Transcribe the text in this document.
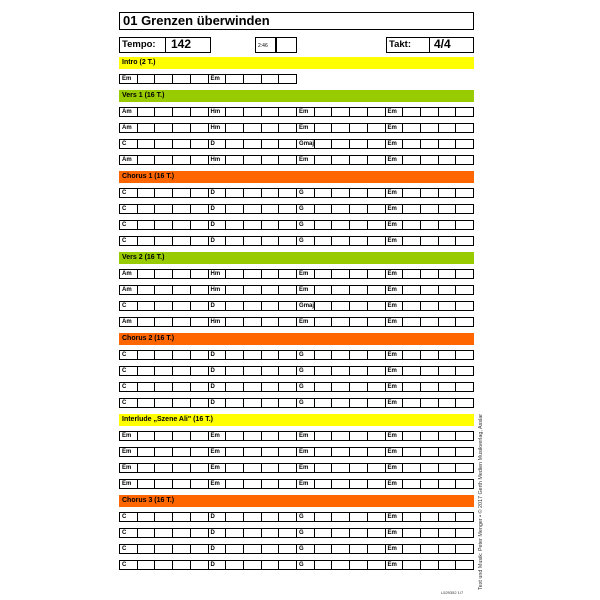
01 Grenzen überwinden
Tempo: 142	2:46	Takt: 4/4
Intro (2 T.)
Em	Em
Vers 1 (16 T.)
Am	Hm	Em	Em
Am	Hm	Em	Em
C	D	Gmaj	Em
Am	Hm	Em	Em
Chorus 1 (16 T.)
C	D	G	Em
C	D	G	Em
C	D	G	Em
C	D	G	Em
Vers 2 (16 T.)
Am	Hm	Em	Em
Am	Hm	Em	Em
C	D	Gmaj	Em
Am	Hm	Em	Em
Chorus 2 (16 T.)
C	D	G	Em
C	D	G	Em
C	D	G	Em
C	D	G	Em
Interlude „Szene Ali" (16 T.)
Em	Em	Em	Em
Em	Em	Em	Em
Em	Em	Em	Em
Em	Em	Em	Em
Chorus 3 (16 T.)
C	D	G	Em
C	D	G	Em
C	D	G	Em
C	D	G	Em	Text und Musik: Peter Menger • © 2017 Gerth Medien Musikverlag, Asslar
L529352 1/7
